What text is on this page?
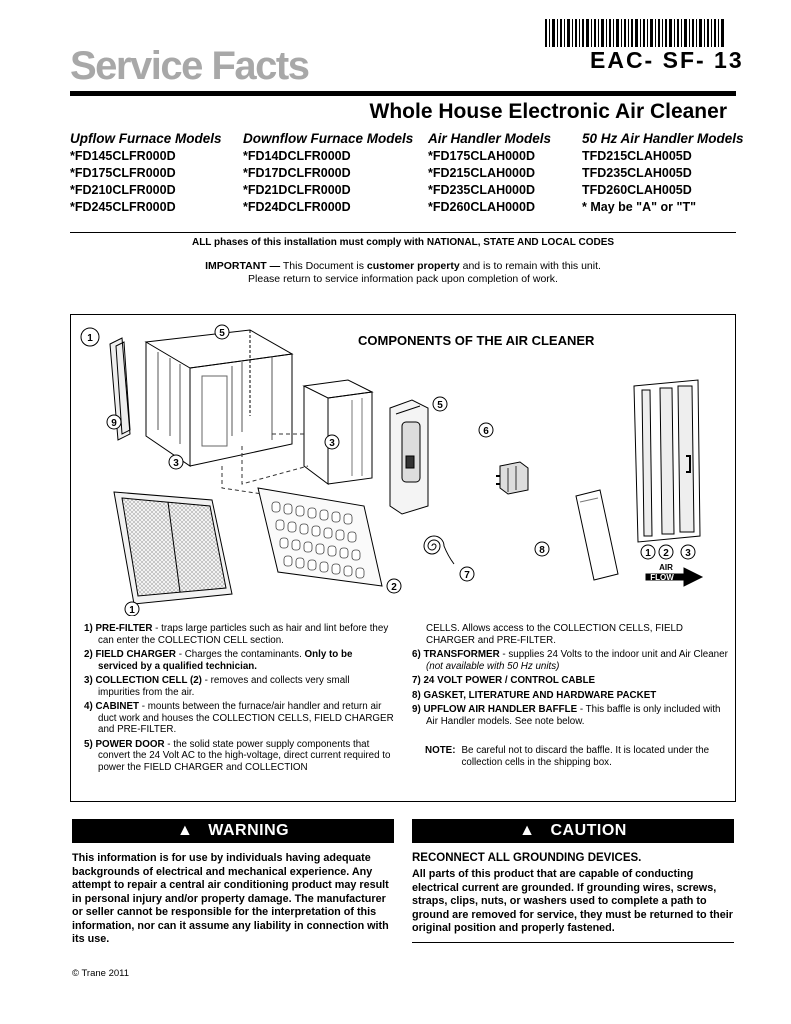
Service Facts	EAC- SF- 13
Whole House Electronic Air Cleaner
Upflow Furnace Models
*FD145CLFR000D
*FD175CLFR000D
*FD210CLFR000D
*FD245CLFR000D
Downflow Furnace Models
*FD14DCLFR000D
*FD17DCLFR000D
*FD21DCLFR000D
*FD24DCLFR000D
Air Handler Models
*FD175CLAH000D
*FD215CLAH000D
*FD235CLAH000D
*FD260CLAH000D
50 Hz Air Handler Models
TFD215CLAH005D
TFD235CLAH005D
TFD260CLAH005D
* May be "A" or "T"
ALL phases of this installation must comply with NATIONAL, STATE AND LOCAL CODES
IMPORTANT — This Document is customer property and is to remain with this unit.
Please return to service information pack upon completion of work.
COMPONENTS OF THE AIR CLEANER
1	5
9
3
3
5
6
8
7
2
1
1 2 3
AIR
FLOW
1) PRE-FILTER - traps large particles such as hair and lint before they can enter the COLLECTION CELL section.
2) FIELD CHARGER - Charges the contaminants. Only to be serviced by a qualified technician.
3) COLLECTION CELL (2) - removes and collects very small impurities from the air.
4) CABINET - mounts between the furnace/air handler and return air duct work and houses the COLLECTION CELLS, FIELD CHARGER and PRE-FILTER.
5) POWER DOOR - the solid state power supply components that convert the 24 Volt AC to the high-voltage, direct current required to power the FIELD CHARGER and COLLECTION
CELLS. Allows access to the COLLECTION CELLS, FIELD CHARGER and PRE-FILTER.
6) TRANSFORMER - supplies 24 Volts to the indoor unit and Air Cleaner (not available with 50 Hz units)
7) 24 VOLT POWER / CONTROL CABLE
8) GASKET, LITERATURE AND HARDWARE PACKET
9) UPFLOW AIR HANDLER BAFFLE - This baffle is only included with Air Handler models. See note below.
NOTE: Be careful not to discard the baffle. It is located under the collection cells in the shipping box.
▲ WARNING	▲ CAUTION
This information is for use by individuals having adequate backgrounds of electrical and mechanical experience. Any attempt to repair a central air conditioning product may result in personal injury and/or property damage. The manufacturer or seller cannot be responsible for the interpretation of this information, nor can it assume any liability in connection with its use.
RECONNECT ALL GROUNDING DEVICES.
All parts of this product that are capable of conducting electrical current are grounded. If grounding wires, screws, straps, clips, nuts, or washers used to complete a path to ground are removed for service, they must be returned to their original position and properly fastened.
© Trane 2011
